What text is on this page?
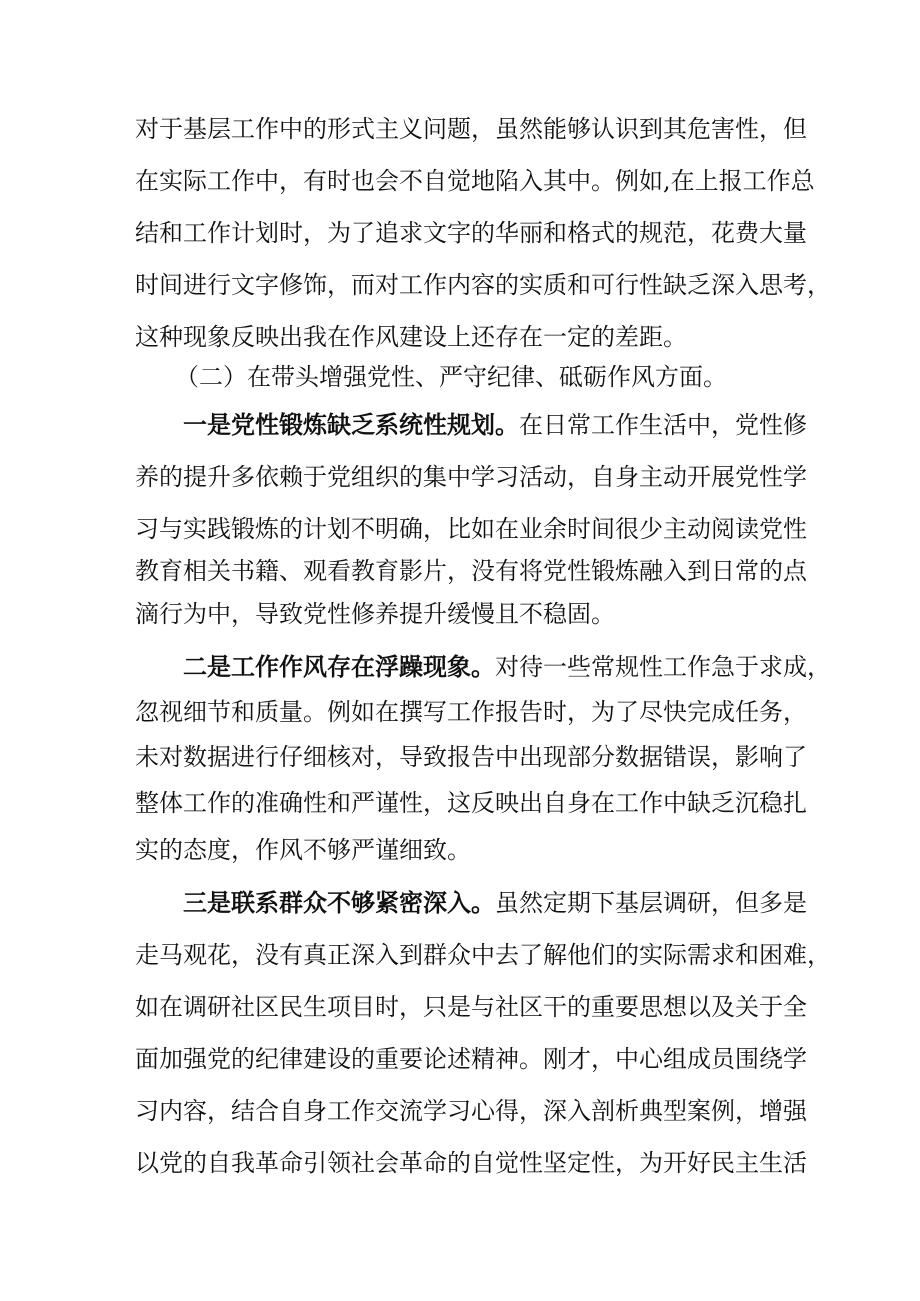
对于基层工作中的形式主义问题，虽然能够认识到其危害性，但
在实际工作中，有时也会不自觉地陷入其中。例如,在上报工作总
结和工作计划时，为了追求文字的华丽和格式的规范，花费大量
时间进行文字修饰，而对工作内容的实质和可行性缺乏深入思考，
这种现象反映出我在作风建设上还存在一定的差距。
（二）在带头增强党性、严守纪律、砥砺作风方面。
一是党性锻炼缺乏系统性规划。在日常工作生活中，党性修
养的提升多依赖于党组织的集中学习活动，自身主动开展党性学
习与实践锻炼的计划不明确，比如在业余时间很少主动阅读党性
教育相关书籍、观看教育影片，没有将党性锻炼融入到日常的点
滴行为中，导致党性修养提升缓慢且不稳固。
二是工作作风存在浮躁现象。对待一些常规性工作急于求成，
忽视细节和质量。例如在撰写工作报告时，为了尽快完成任务，
未对数据进行仔细核对，导致报告中出现部分数据错误，影响了
整体工作的准确性和严谨性，这反映出自身在工作中缺乏沉稳扎
实的态度，作风不够严谨细致。
三是联系群众不够紧密深入。虽然定期下基层调研，但多是
走马观花，没有真正深入到群众中去了解他们的实际需求和困难，
如在调研社区民生项目时，只是与社区干的重要思想以及关于全
面加强党的纪律建设的重要论述精神。刚才，中心组成员围绕学
习内容，结合自身工作交流学习心得，深入剖析典型案例，增强
以党的自我革命引领社会革命的自觉性坚定性，为开好民主生活
